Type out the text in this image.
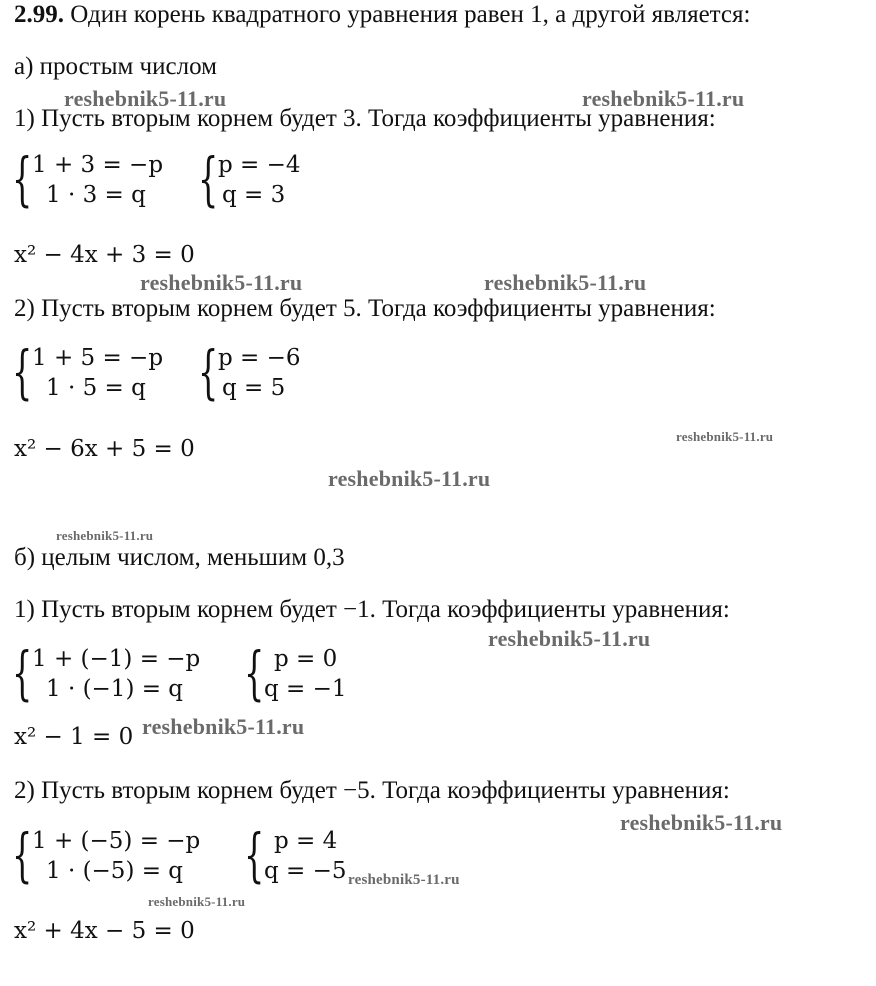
2.99. Один корень квадратного уравнения равен 1, а другой является:
а) простым числом
1) Пусть вторым корнем будет 3. Тогда коэффициенты уравнения:
{ 1 + 3 = −p
1 · 3 = q { p = −4
q = 3
x² − 4x + 3 = 0
2) Пусть вторым корнем будет 5. Тогда коэффициенты уравнения:
{ 1 + 5 = −p
1 · 5 = q { p = −6
q = 5
x² − 6x + 5 = 0
б) целым числом, меньшим 0,3
1) Пусть вторым корнем будет −1. Тогда коэффициенты уравнения:
{ 1 + (−1) = −p
1 · (−1) = q { p = 0
q = −1
x² − 1 = 0
2) Пусть вторым корнем будет −5. Тогда коэффициенты уравнения:
{ 1 + (−5) = −p
1 · (−5) = q { p = 4
q = −5
x² + 4x − 5 = 0
reshebnik5-11.ru	reshebnik5-11.ru
reshebnik5-11.ru	reshebnik5-11.ru
reshebnik5-11.ru
reshebnik5-11.ru
reshebnik5-11.ru
reshebnik5-11.ru
reshebnik5-11.ru
reshebnik5-11.ru
reshebnik5-11.ru
reshebnik5-11.ru
